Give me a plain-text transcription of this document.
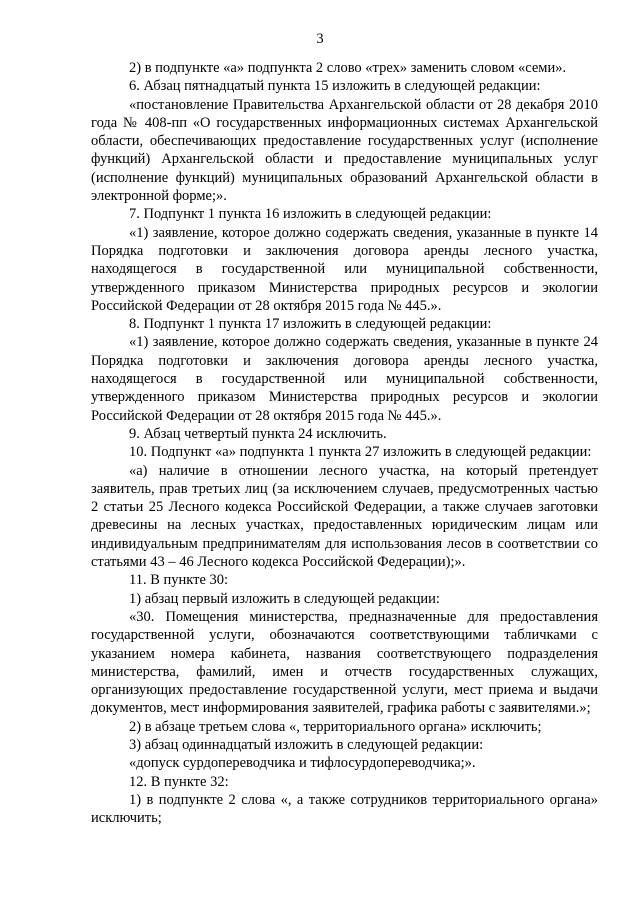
3

2) в подпункте «а» подпункта 2 слово «трех» заменить словом «семи».

6. Абзац пятнадцатый пункта 15 изложить в следующей редакции:

«постановление Правительства Архангельской области от 28 декабря 2010 года № 408-пп «О государственных информационных системах Архангельской области, обеспечивающих предоставление государственных услуг (исполнение функций) Архангельской области и предоставление муниципальных услуг (исполнение функций) муниципальных образований Архангельской области в электронной форме;».

7. Подпункт 1 пункта 16 изложить в следующей редакции:

«1) заявление, которое должно содержать сведения, указанные в пункте 14 Порядка подготовки и заключения договора аренды лесного участка, находящегося в государственной или муниципальной собственности, утвержденного приказом Министерства природных ресурсов и экологии Российской Федерации от 28 октября 2015 года № 445.».

8. Подпункт 1 пункта 17 изложить в следующей редакции:

«1) заявление, которое должно содержать сведения, указанные в пункте 24 Порядка подготовки и заключения договора аренды лесного участка, находящегося в государственной или муниципальной собственности, утвержденного приказом Министерства природных ресурсов и экологии Российской Федерации от 28 октября 2015 года № 445.».

9. Абзац четвертый пункта 24 исключить.

10. Подпункт «а» подпункта 1 пункта 27 изложить в следующей редакции:

«а) наличие в отношении лесного участка, на который претендует заявитель, прав третьих лиц (за исключением случаев, предусмотренных частью 2 статьи 25 Лесного кодекса Российской Федерации, а также случаев заготовки древесины на лесных участках, предоставленных юридическим лицам или индивидуальным предпринимателям для использования лесов в соответствии со статьями 43 – 46 Лесного кодекса Российской Федерации);».

11. В пункте 30:

1) абзац первый изложить в следующей редакции:

«30. Помещения министерства, предназначенные для предоставления государственной услуги, обозначаются соответствующими табличками с указанием номера кабинета, названия соответствующего подразделения министерства, фамилий, имен и отчеств государственных служащих, организующих предоставление государственной услуги, мест приема и выдачи документов, мест информирования заявителей, графика работы с заявителями.»;

2) в абзаце третьем слова «, территориального органа» исключить;

3) абзац одиннадцатый изложить в следующей редакции:

«допуск сурдопереводчика и тифлосурдопереводчика;».

12. В пункте 32:

1) в подпункте 2 слова «, а также сотрудников территориального органа» исключить;
